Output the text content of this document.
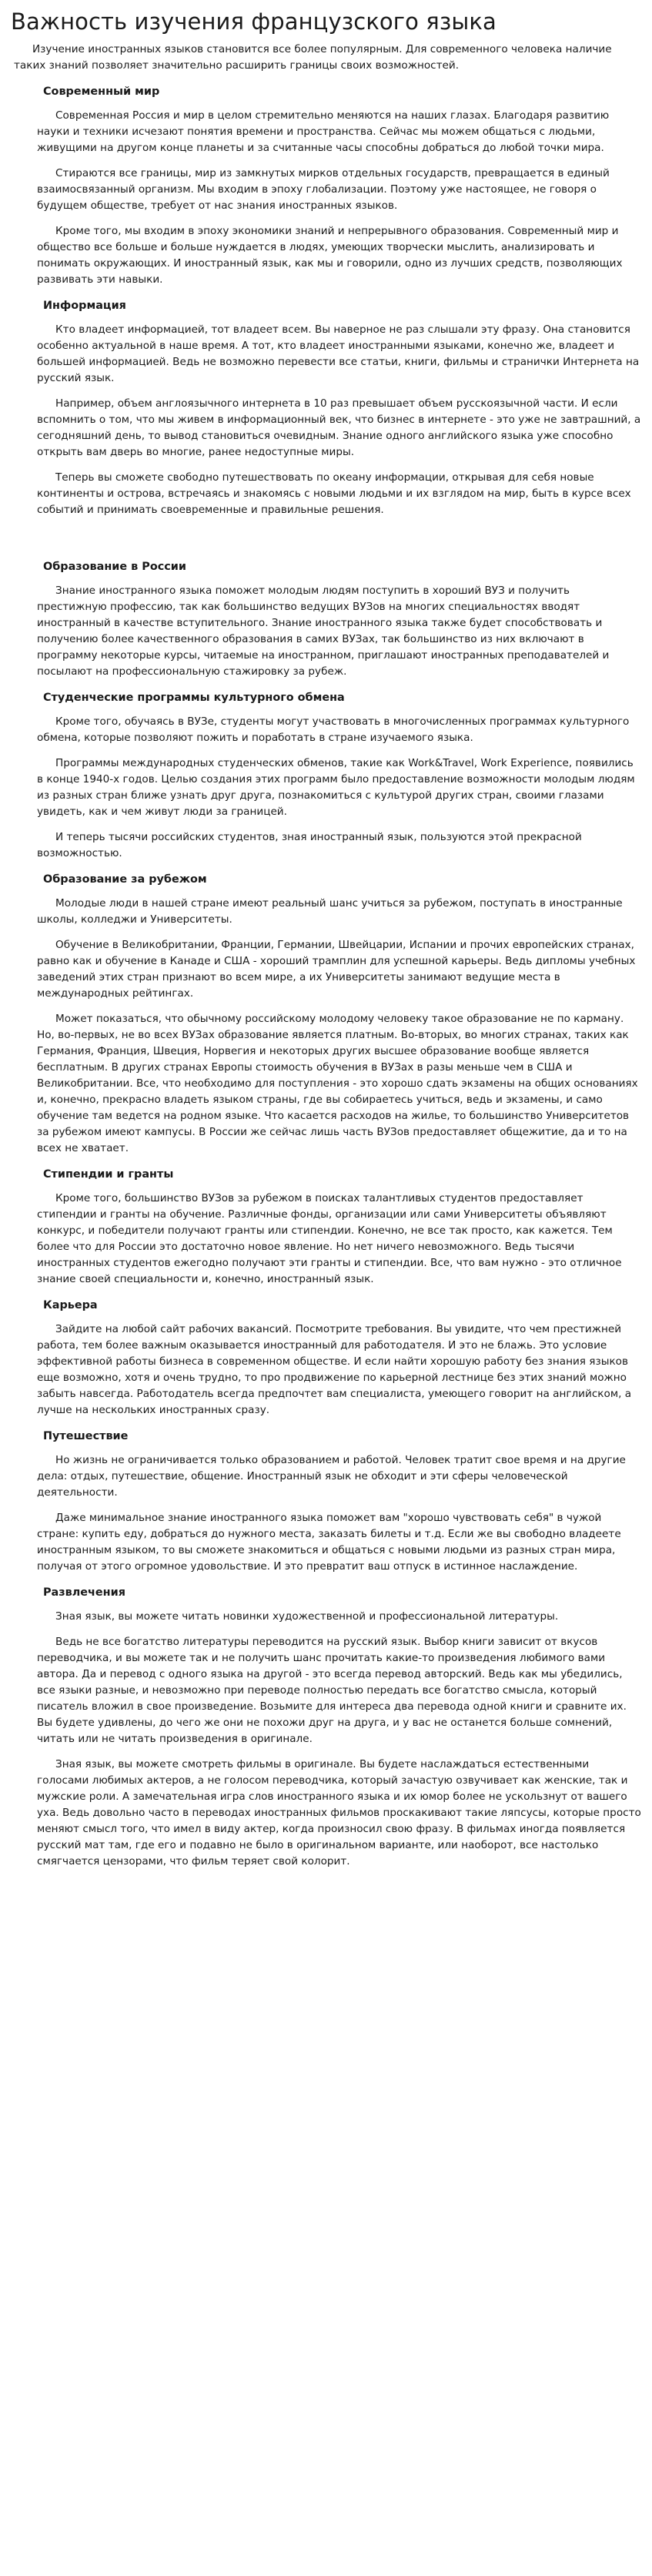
Важность изучения французского языка

Изучение иностранных языков становится все более популярным. Для современного человека наличие таких знаний позволяет значительно расширить границы своих возможностей.

Современный мир

Современная Россия и мир в целом стремительно меняются на наших глазах. Благодаря развитию науки и техники исчезают понятия времени и пространства. Сейчас мы можем общаться с людьми, живущими на другом конце планеты и за считанные часы способны добраться до любой точки мира.

Стираются все границы, мир из замкнутых мирков отдельных государств, превращается в единый взаимосвязанный организм. Мы входим в эпоху глобализации. Поэтому уже настоящее, не говоря о будущем обществе, требует от нас знания иностранных языков.

Кроме того, мы входим в эпоху экономики знаний и непрерывного образования. Современный мир и общество все больше и больше нуждается в людях, умеющих творчески мыслить, анализировать и понимать окружающих. И иностранный язык, как мы и говорили, одно из лучших средств, позволяющих развивать эти навыки.

Информация

Кто владеет информацией, тот владеет всем. Вы наверное не раз слышали эту фразу. Она становится особенно актуальной в наше время. А тот, кто владеет иностранными языками, конечно же, владеет и большей информацией. Ведь не возможно перевести все статьи, книги, фильмы и странички Интернета на русский язык.

Например, объем англоязычного интернета в 10 раз превышает объем русскоязычной части. И если вспомнить о том, что мы живем в информационный век, что бизнес в интернете - это уже не завтрашний, а сегодняшний день, то вывод становиться очевидным. Знание одного английского языка уже способно открыть вам дверь во многие, ранее недоступные миры.

Теперь вы сможете свободно путешествовать по океану информации, открывая для себя новые континенты и острова, встречаясь и знакомясь с новыми людьми и их взглядом на мир, быть в курсе всех событий и принимать своевременные и правильные решения.

Образование в России

Знание иностранного языка поможет молодым людям поступить в хороший ВУЗ и получить престижную профессию, так как большинство ведущих ВУЗов на многих специальностях вводят иностранный в качестве вступительного. Знание иностранного языка также будет способствовать и получению более качественного образования в самих ВУЗах, так большинство из них включают в программу некоторые курсы, читаемые на иностранном, приглашают иностранных преподавателей и посылают на профессиональную стажировку за рубеж.

Студенческие программы культурного обмена

Кроме того, обучаясь в ВУЗе, студенты могут участвовать в многочисленных программах культурного обмена, которые позволяют пожить и поработать в стране изучаемого языка.

Программы международных студенческих обменов, такие как Work&Travel, Work Experience, появились в конце 1940-х годов. Целью создания этих программ было предоставление возможности молодым людям из разных стран ближе узнать друг друга, познакомиться с культурой других стран, своими глазами увидеть, как и чем живут люди за границей.

И теперь тысячи российских студентов, зная иностранный язык, пользуются этой прекрасной возможностью.

Образование за рубежом

Молодые люди в нашей стране имеют реальный шанс учиться за рубежом, поступать в иностранные школы, колледжи и Университеты.

Обучение в Великобритании, Франции, Германии, Швейцарии, Испании и прочих европейских странах, равно как и обучение в Канаде и США - хороший трамплин для успешной карьеры. Ведь дипломы учебных заведений этих стран признают во всем мире, а их Университеты занимают ведущие места в международных рейтингах.

Может показаться, что обычному российскому молодому человеку такое образование не по карману. Но, во-первых, не во всех ВУЗах образование является платным. Во-вторых, во многих странах, таких как Германия, Франция, Швеция, Норвегия и некоторых других высшее образование вообще является бесплатным. В других странах Европы стоимость обучения в ВУЗах в разы меньше чем в США и Великобритании. Все, что необходимо для поступления - это хорошо сдать экзамены на общих основаниях и, конечно, прекрасно владеть языком страны, где вы собираетесь учиться, ведь и экзамены, и само обучение там ведется на родном языке. Что касается расходов на жилье, то большинство Университетов за рубежом имеют кампусы. В России же сейчас лишь часть ВУЗов предоставляет общежитие, да и то на всех не хватает.

Стипендии и гранты

Кроме того, большинство ВУЗов за рубежом в поисках талантливых студентов предоставляет стипендии и гранты на обучение. Различные фонды, организации или сами Университеты объявляют конкурс, и победители получают гранты или стипендии. Конечно, не все так просто, как кажется. Тем более что для России это достаточно новое явление. Но нет ничего невозможного. Ведь тысячи иностранных студентов ежегодно получают эти гранты и стипендии. Все, что вам нужно - это отличное знание своей специальности и, конечно, иностранный язык.

Карьера

Зайдите на любой сайт рабочих вакансий. Посмотрите требования. Вы увидите, что чем престижней работа, тем более важным оказывается иностранный для работодателя. И это не блажь. Это условие эффективной работы бизнеса в современном обществе. И если найти хорошую работу без знания языков еще возможно, хотя и очень трудно, то про продвижение по карьерной лестнице без этих знаний можно забыть навсегда. Работодатель всегда предпочтет вам специалиста, умеющего говорит на английском, а лучше на нескольких иностранных сразу.

Путешествие

Но жизнь не ограничивается только образованием и работой. Человек тратит свое время и на другие дела: отдых, путешествие, общение. Иностранный язык не обходит и эти сферы человеческой деятельности.

Даже минимальное знание иностранного языка поможет вам "хорошо чувствовать себя" в чужой стране: купить еду, добраться до нужного места, заказать билеты и т.д. Если же вы свободно владеете иностранным языком, то вы сможете знакомиться и общаться с новыми людьми из разных стран мира, получая от этого огромное удовольствие. И это превратит ваш отпуск в истинное наслаждение.

Развлечения

Зная язык, вы можете читать новинки художественной и профессиональной литературы.

Ведь не все богатство литературы переводится на русский язык. Выбор книги зависит от вкусов переводчика, и вы можете так и не получить шанс прочитать какие-то произведения любимого вами автора. Да и перевод с одного языка на другой - это всегда перевод авторский. Ведь как мы убедились, все языки разные, и невозможно при переводе полностью передать все богатство смысла, который писатель вложил в свое произведение. Возьмите для интереса два перевода одной книги и сравните их. Вы будете удивлены, до чего же они не похожи друг на друга, и у вас не останется больше сомнений, читать или не читать произведения в оригинале.

Зная язык, вы можете смотреть фильмы в оригинале. Вы будете наслаждаться естественными голосами любимых актеров, а не голосом переводчика, который зачастую озвучивает как женские, так и мужские роли. А замечательная игра слов иностранного языка и их юмор более не ускользнут от вашего уха. Ведь довольно часто в переводах иностранных фильмов проскакивают такие ляпсусы, которые просто меняют смысл того, что имел в виду актер, когда произносил свою фразу. В фильмах иногда появляется русский мат там, где его и подавно не было в оригинальном варианте, или наоборот, все настолько смягчается цензорами, что фильм теряет свой колорит.
